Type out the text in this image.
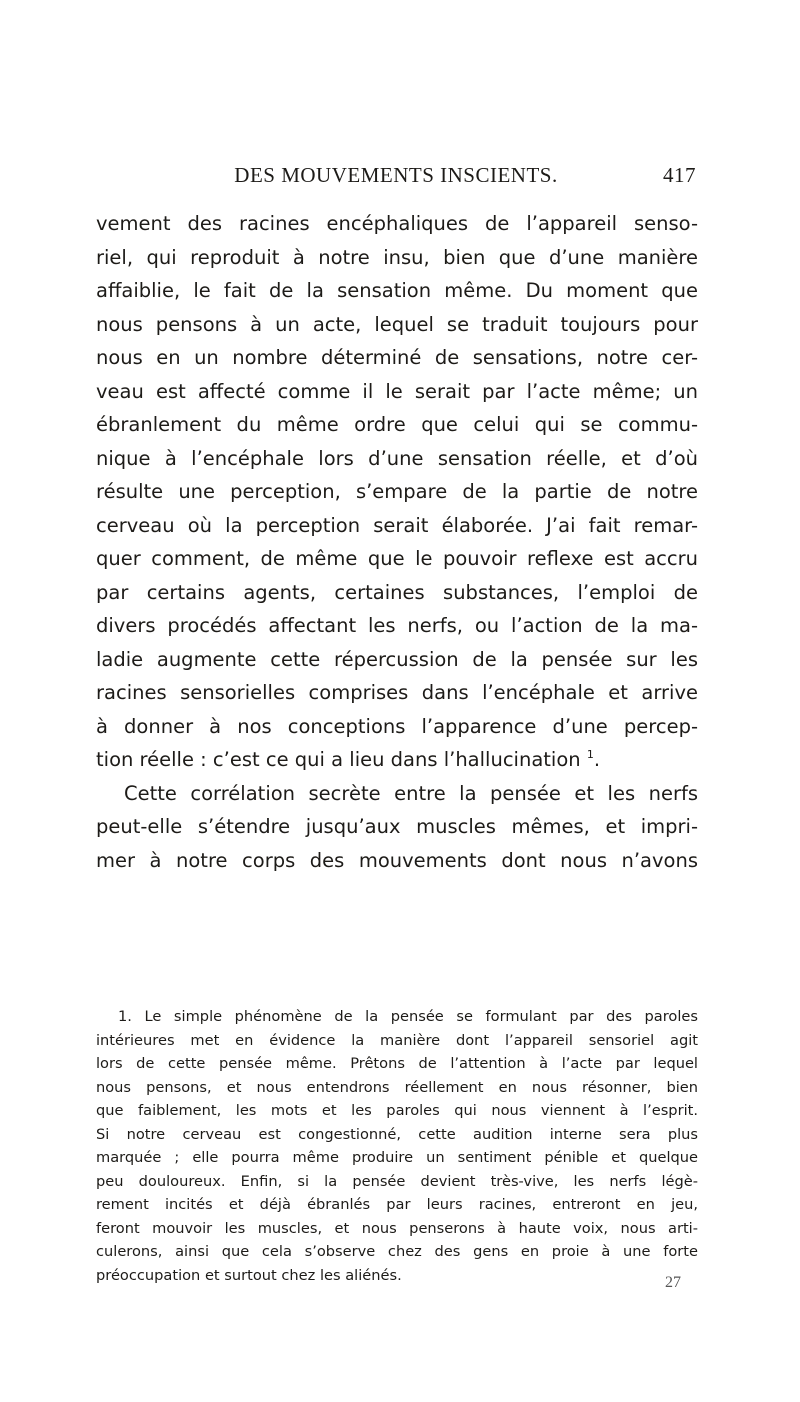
DES MOUVEMENTS INSCIENTS.	417
vement des racines encéphaliques de l’appareil senso-
riel, qui reproduit à notre insu, bien que d’une manière
affaiblie, le fait de la sensation même. Du moment que
nous pensons à un acte, lequel se traduit toujours pour
nous en un nombre déterminé de sensations, notre cer-
veau est affecté comme il le serait par l’acte même; un
ébranlement du même ordre que celui qui se commu-
nique à l’encéphale lors d’une sensation réelle, et d’où
résulte une perception, s’empare de la partie de notre
cerveau où la perception serait élaborée. J’ai fait remar-
quer comment, de même que le pouvoir reflexe est accru
par certains agents, certaines substances, l’emploi de
divers procédés affectant les nerfs, ou l’action de la ma-
ladie augmente cette répercussion de la pensée sur les
racines sensorielles comprises dans l’encéphale et arrive
à donner à nos conceptions l’apparence d’une percep-
tion réelle : c’est ce qui a lieu dans l’hallucination $^1$.
Cette corrélation secrète entre la pensée et les nerfs
peut-elle s’étendre jusqu’aux muscles mêmes, et impri-
mer à notre corps des mouvements dont nous n’avons
1. Le simple phénomène de la pensée se formulant par des paroles
intérieures met en évidence la manière dont l’appareil sensoriel agit
lors de cette pensée même. Prêtons de l’attention à l’acte par lequel
nous pensons, et nous entendrons réellement en nous résonner, bien
que faiblement, les mots et les paroles qui nous viennent à l’esprit.
Si notre cerveau est congestionné, cette audition interne sera plus
marquée ; elle pourra même produire un sentiment pénible et quelque
peu douloureux. Enfin, si la pensée devient très-vive, les nerfs légè-
rement incités et déjà ébranlés par leurs racines, entreront en jeu,
feront mouvoir les muscles, et nous penserons à haute voix, nous arti-
culerons, ainsi que cela s’observe chez des gens en proie à une forte
préoccupation et surtout chez les aliénés.	27
